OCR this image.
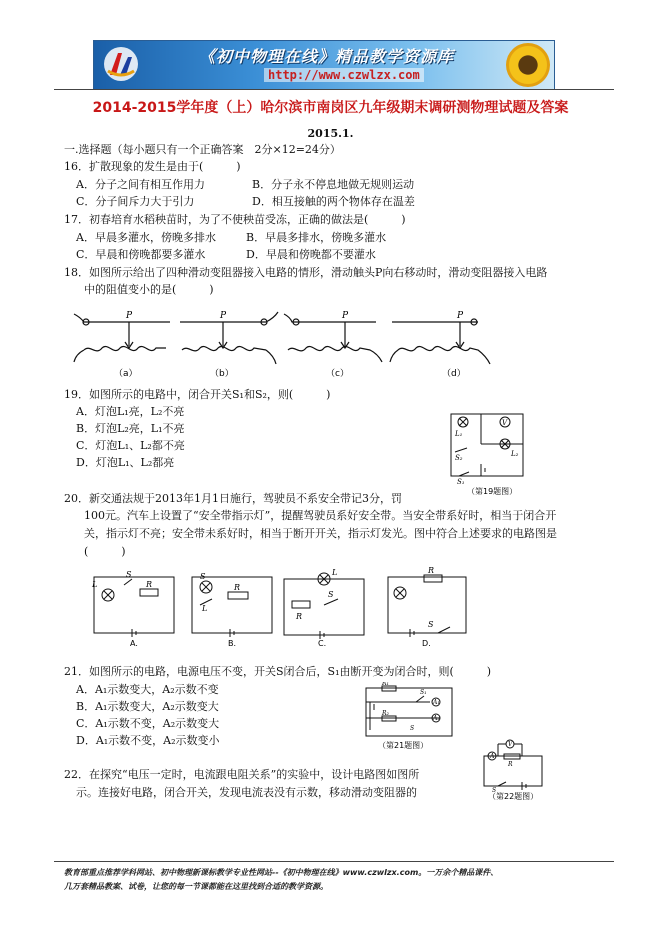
《初中物理在线》精品教学资源库
http://www.czwlzx.com
2014-2015学年度（上）哈尔滨市南岗区九年级期末调研测物理试题及答案
2015.1.
一.选择题（每小题只有一个正确答案　2分×12=24分）
16．扩散现象的发生是由于(　　　)
A．分子之间有相互作用力	B．分子永不停息地做无规则运动
C．分子间斥力大于引力	D．相互接触的两个物体存在温差
17．初春培育水稻秧苗时，为了不使秧苗受冻，正确的做法是(　　　)
A．早晨多灌水，傍晚多排水	B．早晨多排水，傍晚多灌水
C．早晨和傍晚都要多灌水	D．早晨和傍晚都不要灌水
18．如图所示给出了四种滑动变阻器接入电路的情形，滑动触头P向右移动时，滑动变阻器接入电路
中的阻值变小的是(　　　)
P	P	P	P
（a）	（b）	（c）	（d）
19．如图所示的电路中，闭合开关S₁和S₂，则(　　　)
A．灯泡L₁亮，L₂不亮
B．灯泡L₂亮，L₁不亮
C．灯泡L₁、L₂都不亮
D．灯泡L₁、L₂都亮
L₁
V
L₂
S₂
S₁
（第19题图）
20．新交通法规于2013年1月1日施行，驾驶员不系安全带记3分，罚
100元。汽车上设置了“安全带指示灯”，提醒驾驶员系好安全带。当安全带系好时，相当于闭合开
关，指示灯不亮；安全带未系好时，相当于断开开关，指示灯发光。图中符合上述要求的电路图是
(　　　)
L
S
R
L
S
R
L
R
S
R
S
A.	B.	C.	D.
21．如图所示的电路，电源电压不变，开关S闭合后，S₁由断开变为闭合时，则(　　　)
A．A₁示数变大，A₂示数不变
B．A₁示数变大，A₂示数变大
C．A₁示数不变，A₂示数变大
D．A₁示数不变，A₂示数变小
R₁
R₂
S₁
S
A₁
A₂
（第21题图）
22．在探究“电压一定时，电流跟电阻关系”的实验中，设计电路图如图所
示。连接好电路，闭合开关，发现电流表没有示数，移动滑动变阻器的
V
A
R
S
（第22题图）
教育部重点推荐学科网站、初中物理新课标教学专业性网站--《初中物理在线》www.czwlzx.com。一万余个精品课件、
几万套精品教案、试卷，让您的每一节课都能在这里找到合适的教学资源。
